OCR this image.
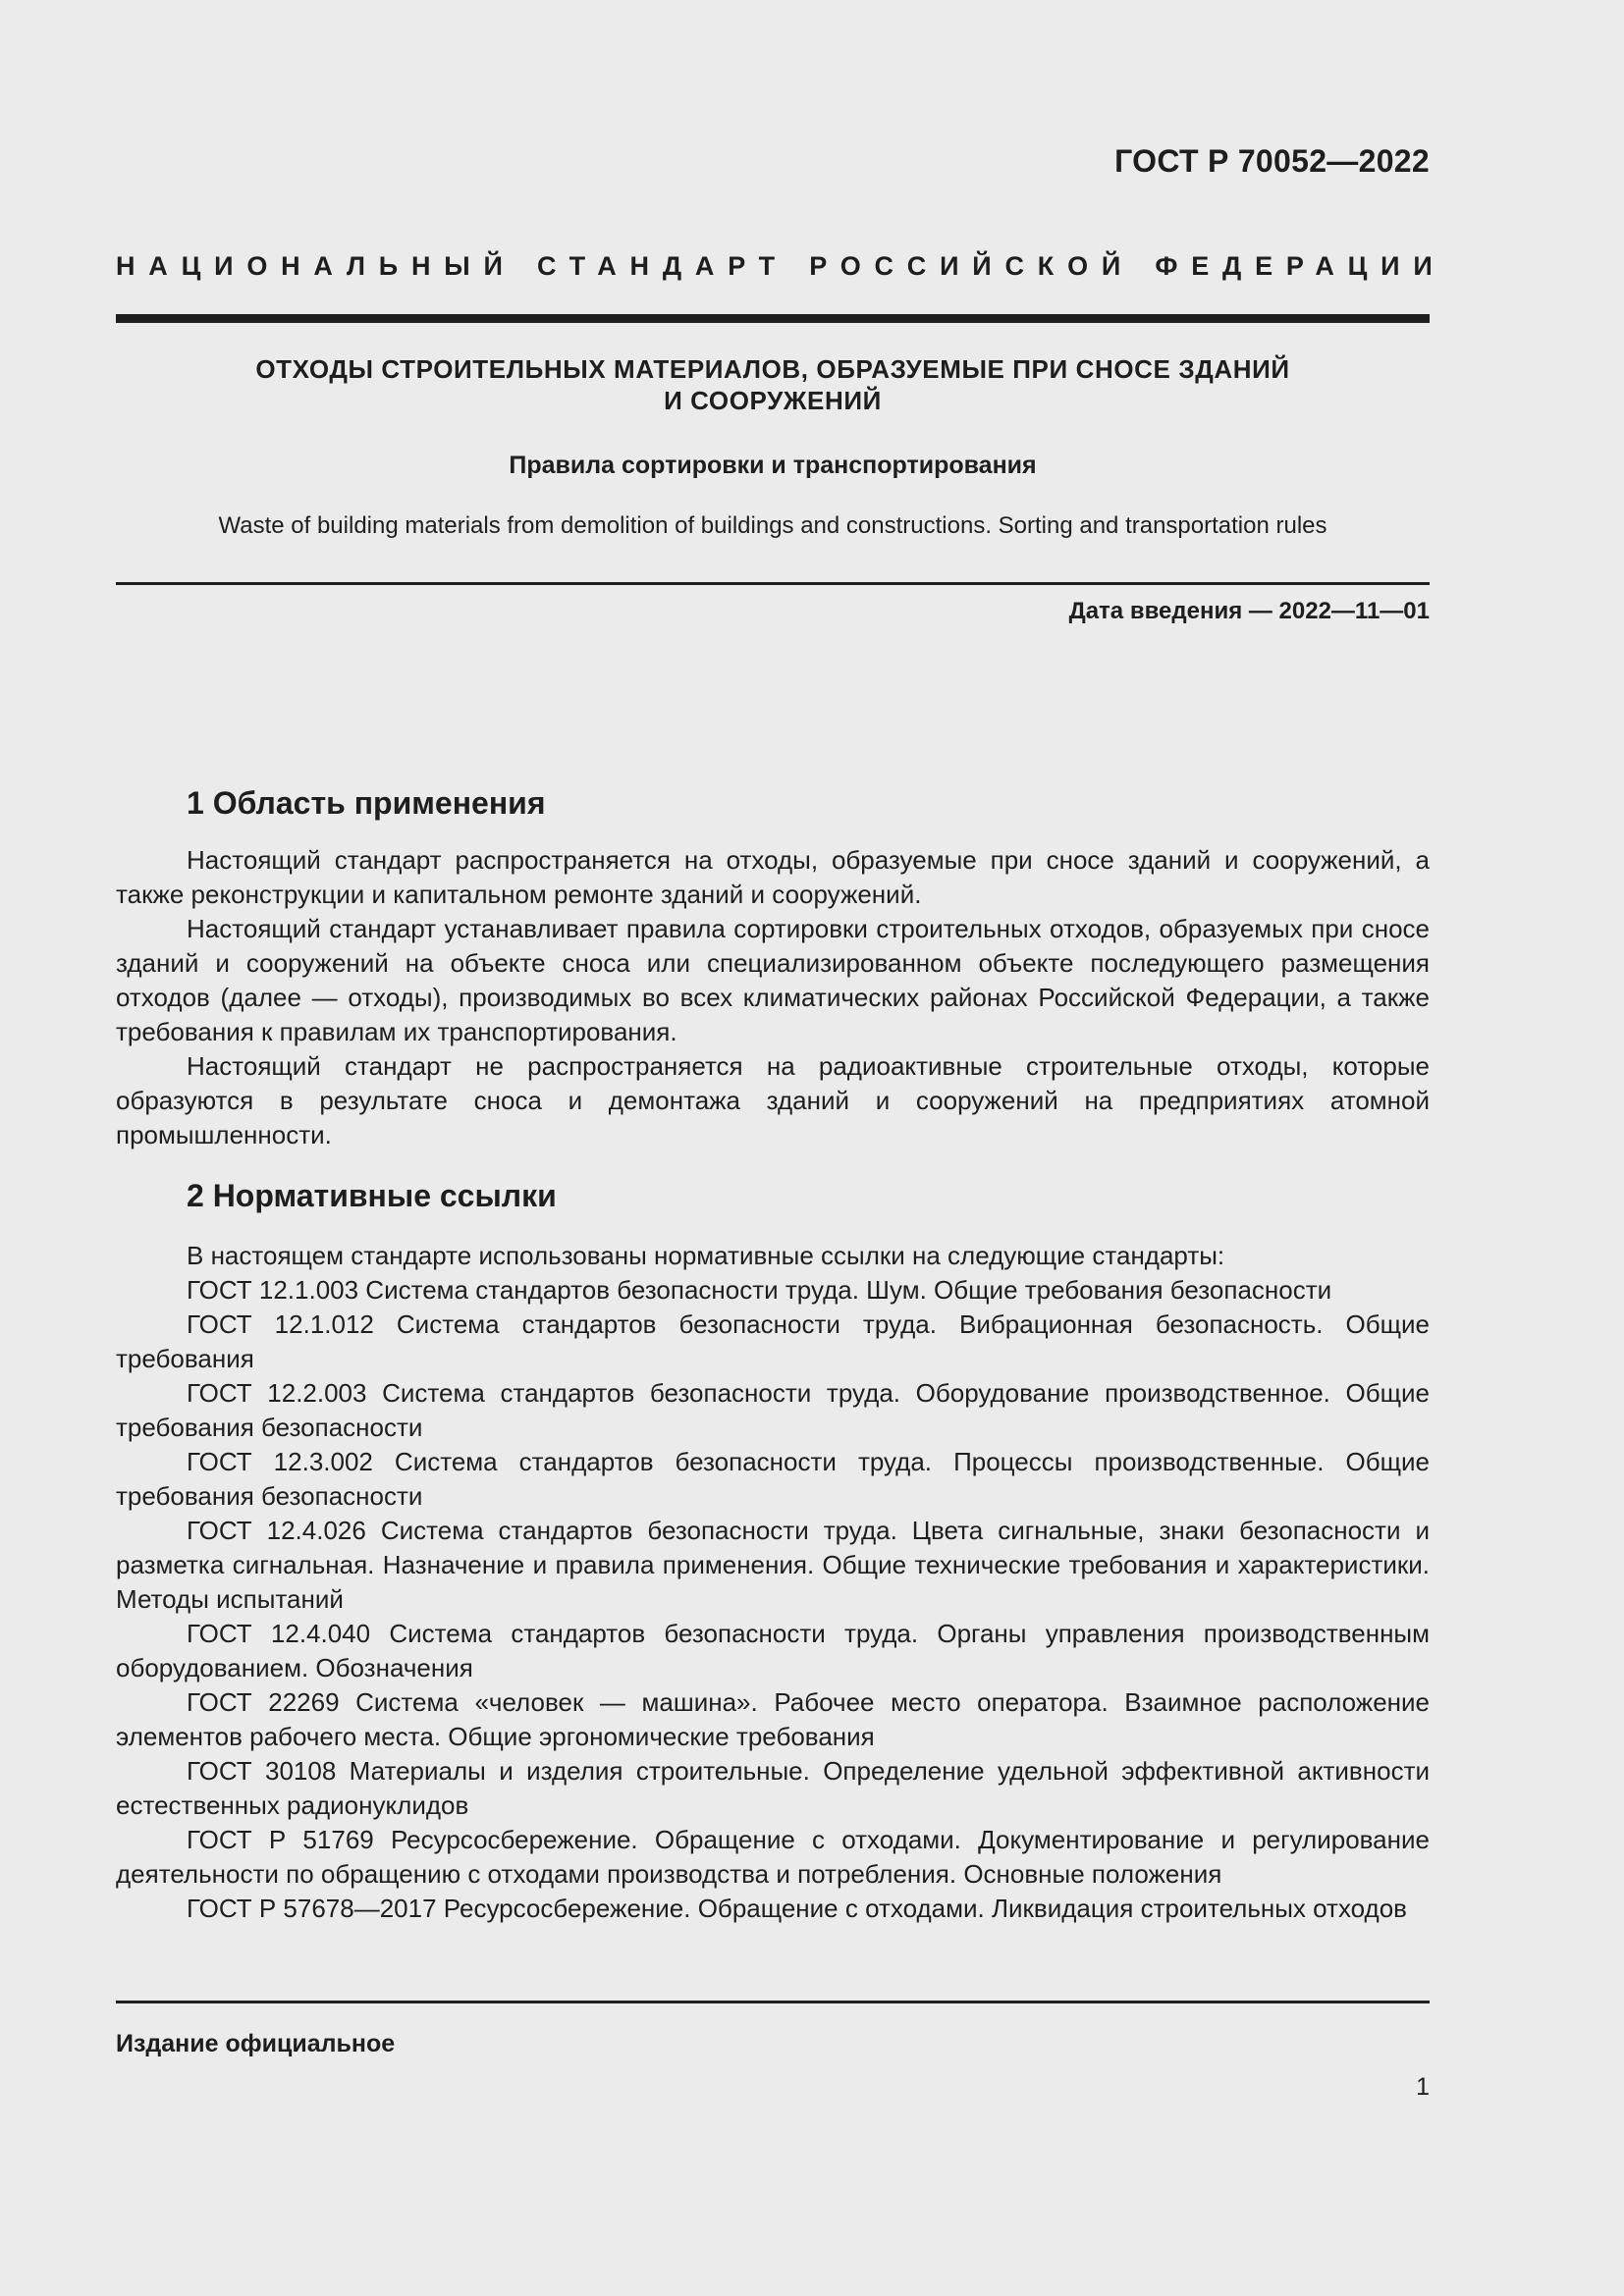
ГОСТ Р 70052—2022
НАЦИОНАЛЬНЫЙ СТАНДАРТ РОССИЙСКОЙ ФЕДЕРАЦИИ
ОТХОДЫ СТРОИТЕЛЬНЫХ МАТЕРИАЛОВ, ОБРАЗУЕМЫЕ ПРИ СНОСЕ ЗДАНИЙ
И СООРУЖЕНИЙ
Правила сортировки и транспортирования
Waste of building materials from demolition of buildings and constructions. Sorting and transportation rules
Дата введения — 2022—11—01
1 Область применения

Настоящий стандарт распространяется на отходы, образуемые при сносе зданий и сооружений, а также реконструкции и капитальном ремонте зданий и сооружений.

Настоящий стандарт устанавливает правила сортировки строительных отходов, образуемых при сносе зданий и сооружений на объекте сноса или специализированном объекте последующего размещения отходов (далее — отходы), производимых во всех климатических районах Российской Федерации, а также требования к правилам их транспортирования.

Настоящий стандарт не распространяется на радиоактивные строительные отходы, которые образуются в результате сноса и демонтажа зданий и сооружений на предприятиях атомной промышленности.

2 Нормативные ссылки

В настоящем стандарте использованы нормативные ссылки на следующие стандарты:

ГОСТ 12.1.003 Система стандартов безопасности труда. Шум. Общие требования безопасности

ГОСТ 12.1.012 Система стандартов безопасности труда. Вибрационная безопасность. Общие требования

ГОСТ 12.2.003 Система стандартов безопасности труда. Оборудование производственное. Общие требования безопасности

ГОСТ 12.3.002 Система стандартов безопасности труда. Процессы производственные. Общие требования безопасности

ГОСТ 12.4.026 Система стандартов безопасности труда. Цвета сигнальные, знаки безопасности и разметка сигнальная. Назначение и правила применения. Общие технические требования и характеристики. Методы испытаний

ГОСТ 12.4.040 Система стандартов безопасности труда. Органы управления производственным оборудованием. Обозначения

ГОСТ 22269 Система «человек — машина». Рабочее место оператора. Взаимное расположение элементов рабочего места. Общие эргономические требования

ГОСТ 30108 Материалы и изделия строительные. Определение удельной эффективной активности естественных радионуклидов

ГОСТ Р 51769 Ресурсосбережение. Обращение с отходами. Документирование и регулирование деятельности по обращению с отходами производства и потребления. Основные положения

ГОСТ Р 57678—2017 Ресурсосбережение. Обращение с отходами. Ликвидация строительных отходов

Издание официальное
1
